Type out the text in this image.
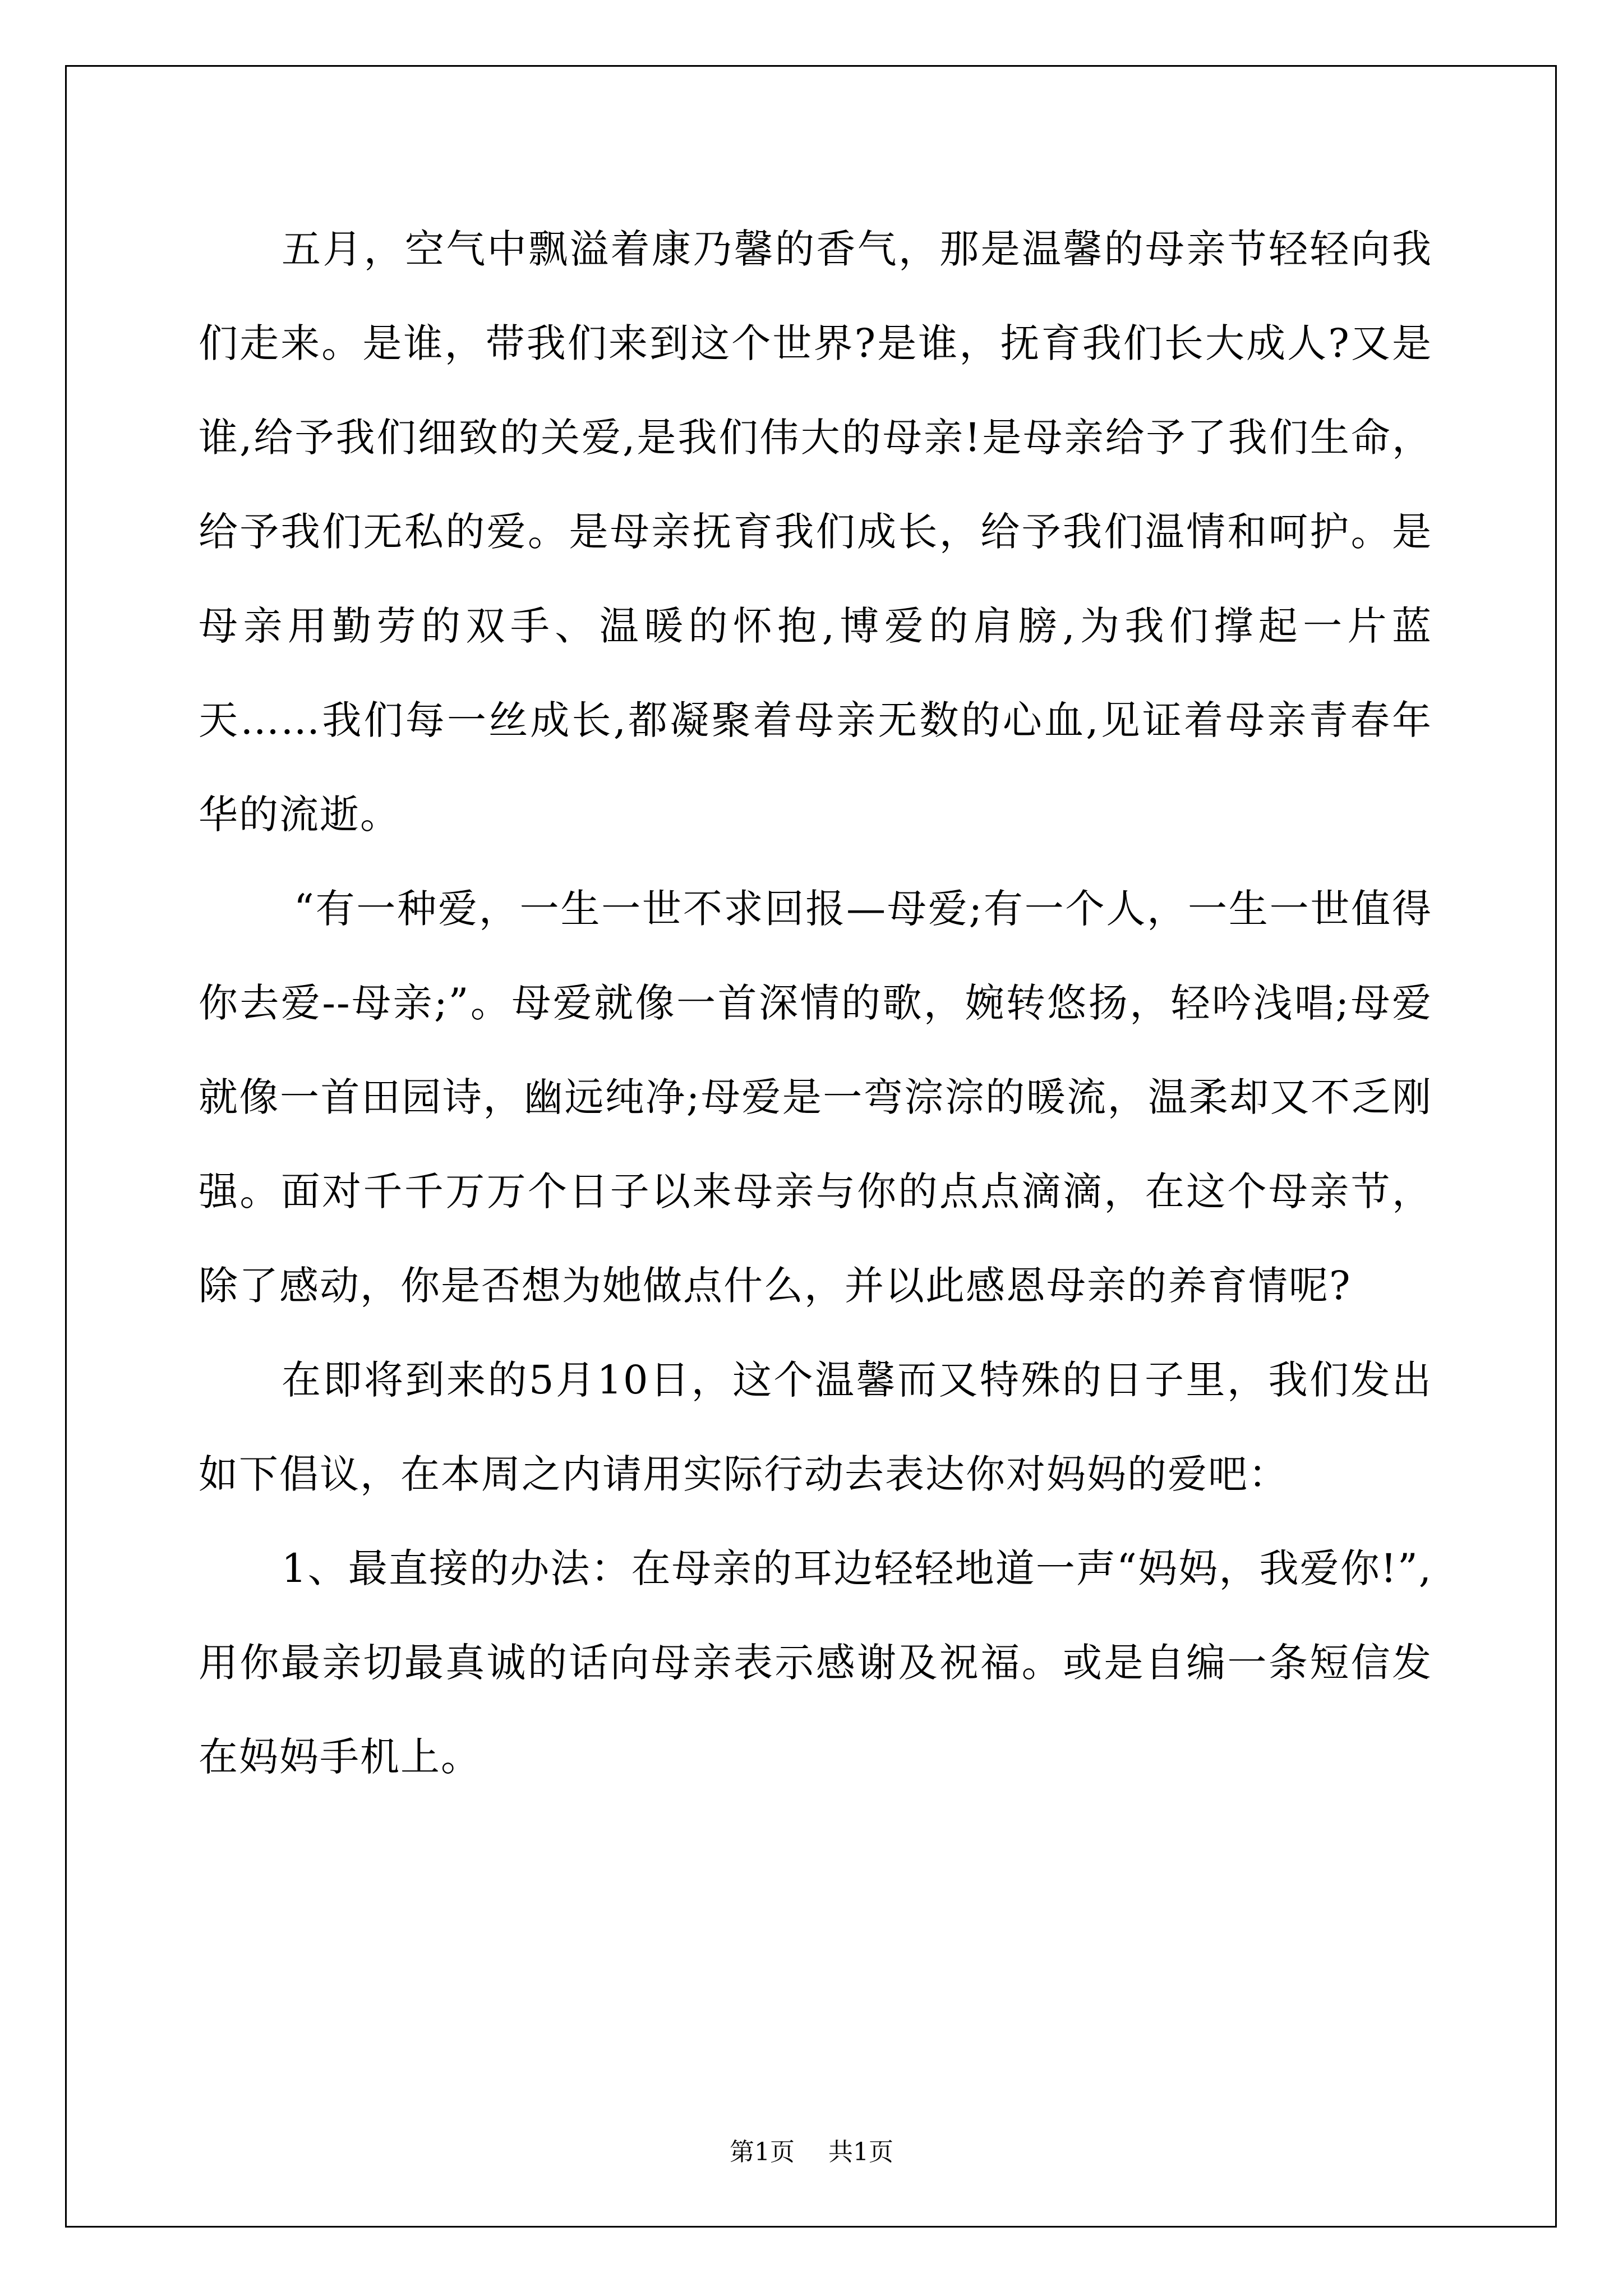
五月，空气中飘溢着康乃馨的香气，那是温馨的母亲节轻轻向我们走来。是谁，带我们来到这个世界?是谁，抚育我们长大成人?又是谁,给予我们细致的关爱,是我们伟大的母亲!是母亲给予了我们生命，给予我们无私的爱。是母亲抚育我们成长，给予我们温情和呵护。是母亲用勤劳的双手、温暖的怀抱,博爱的肩膀,为我们撑起一片蓝天……我们每一丝成长,都凝聚着母亲无数的心血,见证着母亲青春年华的流逝。

“有一种爱，一生一世不求回报—母爱;有一个人，一生一世值得你去爱--母亲;”。母爱就像一首深情的歌，婉转悠扬，轻吟浅唱;母爱就像一首田园诗，幽远纯净;母爱是一弯淙淙的暖流，温柔却又不乏刚强。面对千千万万个日子以来母亲与你的点点滴滴，在这个母亲节，除了感动，你是否想为她做点什么，并以此感恩母亲的养育情呢?

在即将到来的5月10日，这个温馨而又特殊的日子里，我们发出如下倡议，在本周之内请用实际行动去表达你对妈妈的爱吧：

1、最直接的办法：在母亲的耳边轻轻地道一声“妈妈，我爱你!”,用你最亲切最真诚的话向母亲表示感谢及祝福。或是自编一条短信发在妈妈手机上。

第1页 共1页
